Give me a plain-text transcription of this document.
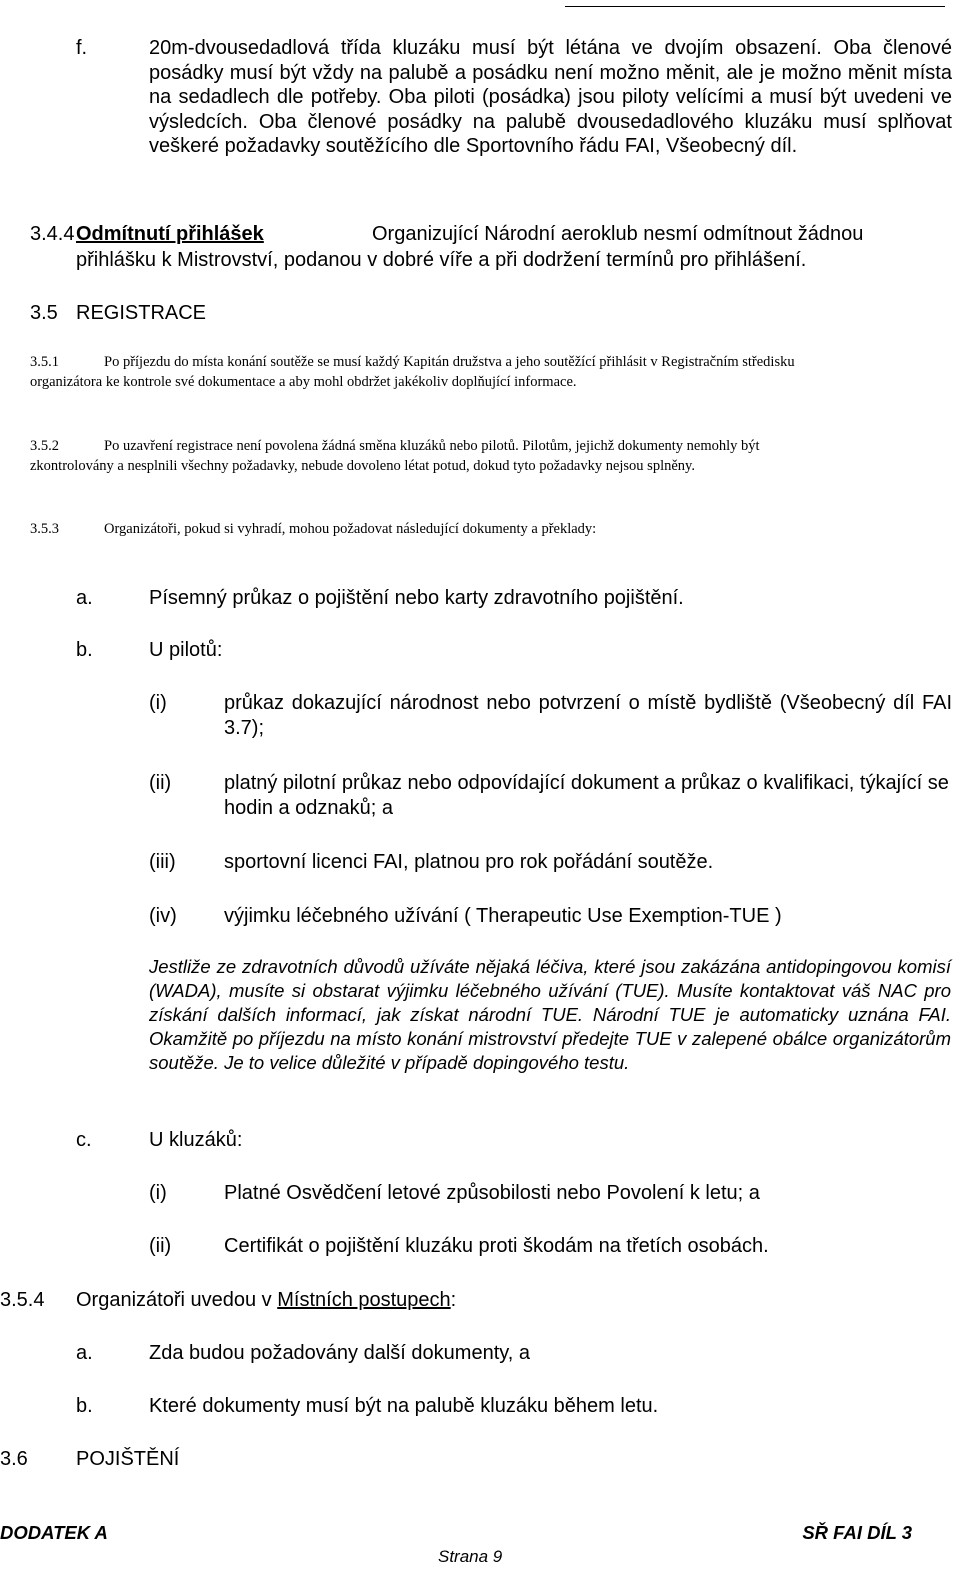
f.	20m-dvousedadlová třída kluzáku musí být létána ve dvojím obsazení. Oba členové posádky musí být vždy na palubě a posádku není možno měnit, ale je možno měnit místa na sedadlech dle potřeby. Oba piloti (posádka) jsou piloty velícími a musí být uvedeni ve výsledcích. Oba členové posádky na palubě dvousedadlového kluzáku musí splňovat veškeré požadavky soutěžícího dle Sportovního řádu FAI, Všeobecný díl.
3.4.4 Odmítnutí přihlášek	Organizující Národní aeroklub nesmí odmítnout žádnou
přihlášku k Mistrovství, podanou v dobré víře a při dodržení termínů pro přihlášení.
3.5 REGISTRACE
3.5.1	Po příjezdu do místa konání soutěže se musí každý Kapitán družstva a jeho soutěžící přihlásit v Registračním středisku
organizátora ke kontrole své dokumentace a aby mohl obdržet jakékoliv doplňující informace.
3.5.2	Po uzavření registrace není povolena žádná směna kluzáků nebo pilotů. Pilotům, jejichž dokumenty nemohly být
zkontrolovány a nesplnili všechny požadavky, nebude dovoleno létat potud, dokud tyto požadavky nejsou splněny.
3.5.3	Organizátoři, pokud si vyhradí, mohou požadovat následující dokumenty a překlady:
a.	Písemný průkaz o pojištění nebo karty zdravotního pojištění.
b.	U pilotů:
(i)	průkaz dokazující národnost nebo potvrzení o místě bydliště (Všeobecný díl FAI 3.7);
(ii)	platný pilotní průkaz nebo odpovídající dokument a průkaz o kvalifikaci, týkající se hodin a odznaků; a
(iii) sportovní licenci FAI, platnou pro rok pořádání soutěže.
(iv) výjimku léčebného užívání ( Therapeutic Use Exemption-TUE )
Jestliže ze zdravotních důvodů užíváte nějaká léčiva, které jsou zakázána antidopingovou komisí (WADA), musíte si obstarat výjimku léčebného užívání (TUE). Musíte kontaktovat váš NAC pro získání dalších informací, jak získat národní TUE. Národní TUE je automaticky uznána FAI. Okamžitě po příjezdu na místo konání mistrovství předejte TUE v zalepené obálce organizátorům soutěže. Je to velice důležité v případě dopingového testu.
c.	U kluzáků:
(i)	Platné Osvědčení letové způsobilosti nebo Povolení k letu; a
(ii)	Certifikát o pojištění kluzáku proti škodám na třetích osobách.
3.5.4 Organizátoři uvedou v Místních postupech:
a.	Zda budou požadovány další dokumenty, a
b.	Které dokumenty musí být na palubě kluzáku během letu.
3.6 POJIŠTĚNÍ
DODATEK A	SŘ FAI DÍL 3
Strana 9
